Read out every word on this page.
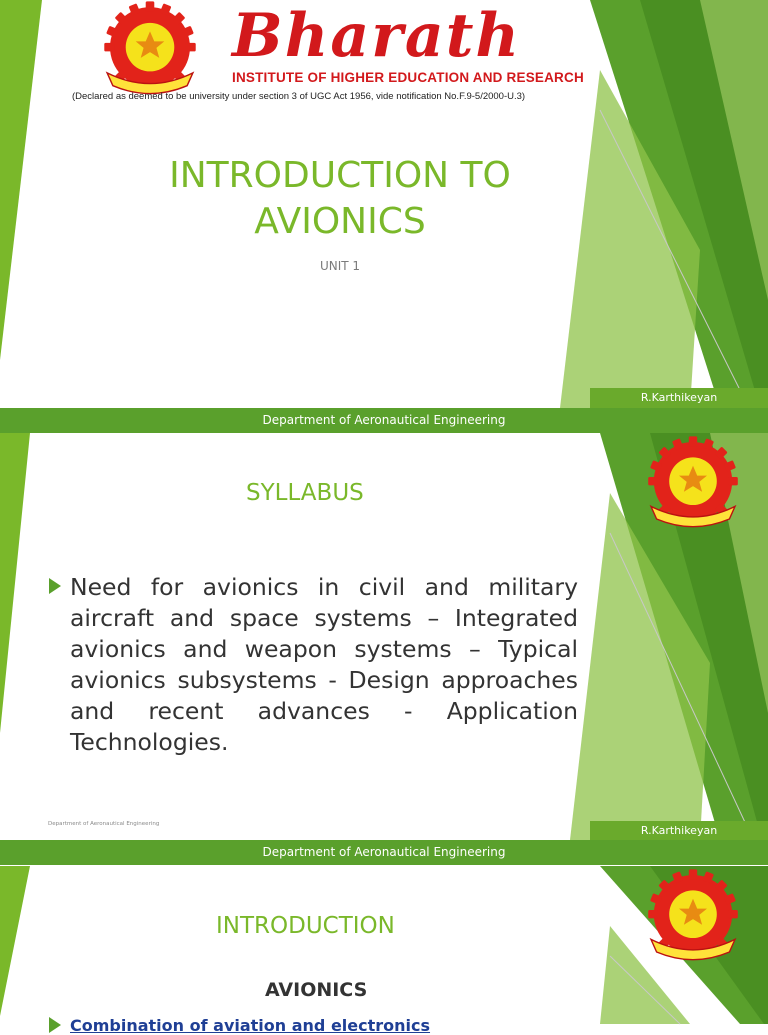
Bharath
INSTITUTE OF HIGHER EDUCATION AND RESEARCH
(Declared as deemed to be university under section 3 of UGC Act 1956, vide notification No.F.9-5/2000-U.3)
INTRODUCTION TO
AVIONICS
UNIT 1
R.Karthikeyan
Department of Aeronautical Engineering
SYLLABUS
Need for avionics in civil and military aircraft and space systems – Integrated avionics and weapon systems – Typical avionics subsystems - Design approaches and recent advances - Application Technologies.
Department of Aeronautical Engineering	R.Karthikeyan
Department of Aeronautical Engineering
INTRODUCTION
AVIONICS
Combination of aviation and electronics
